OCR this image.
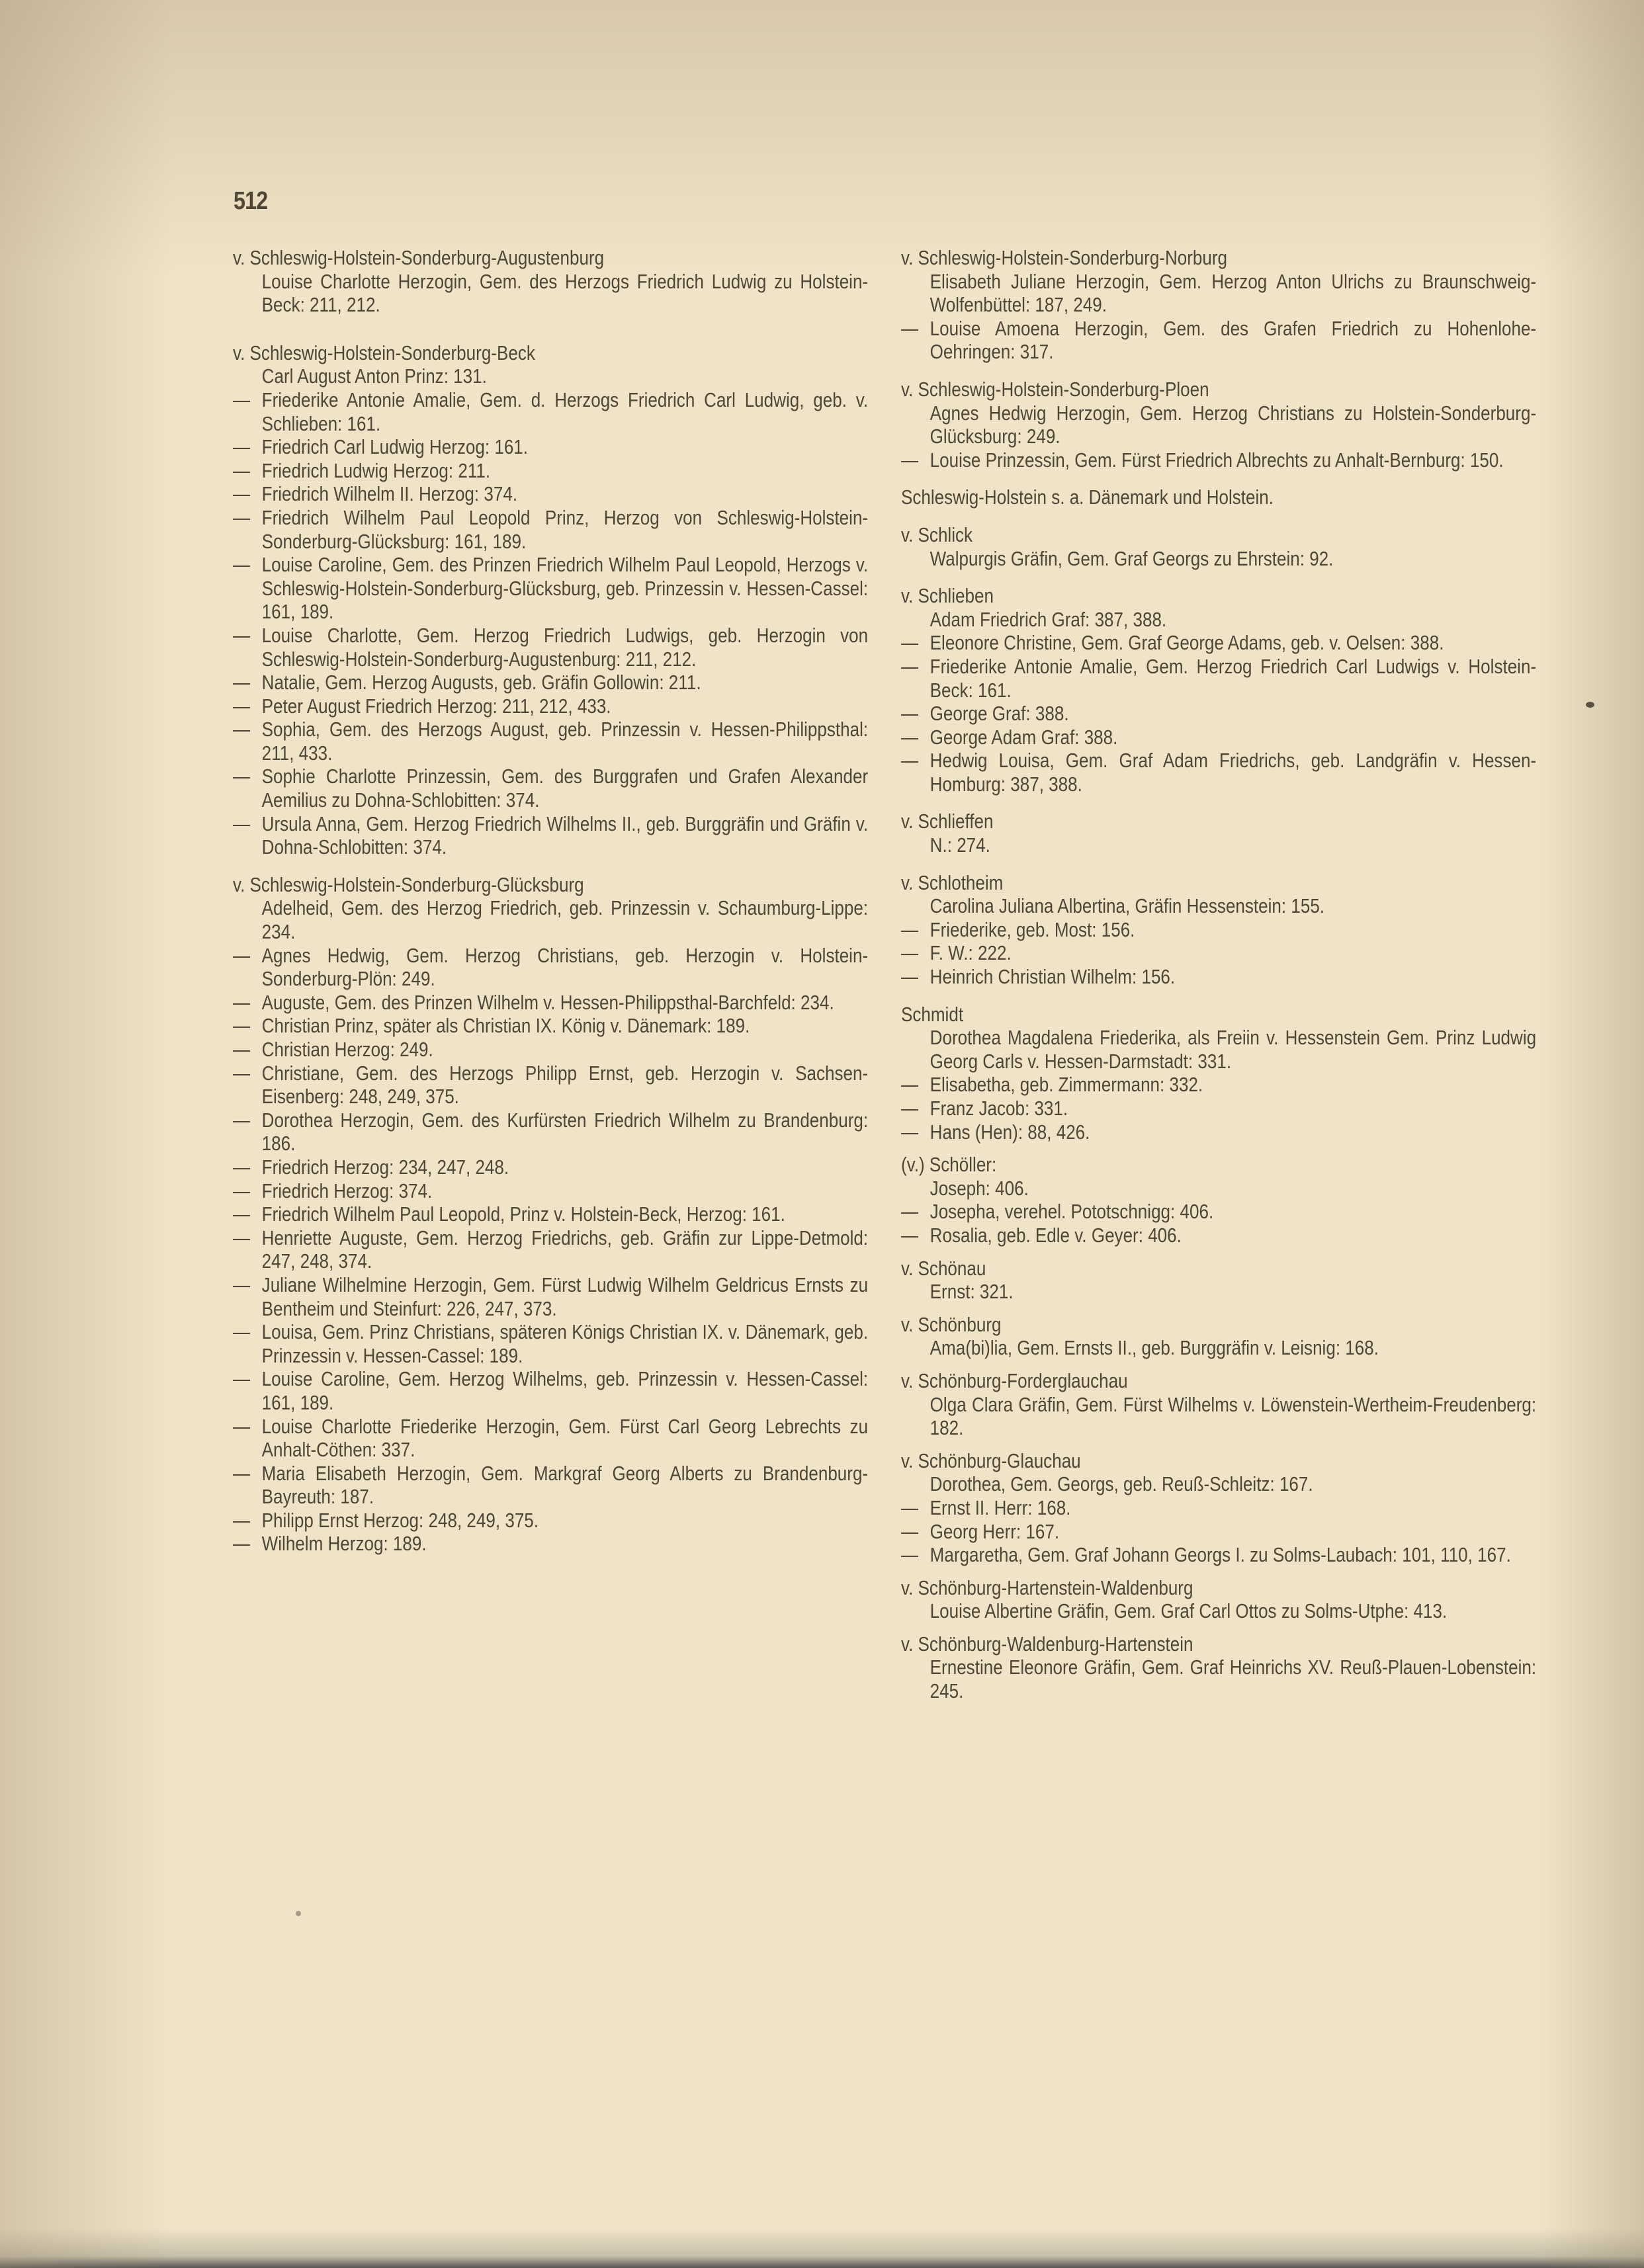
512
v. Schleswig-Holstein-Sonderburg-Augustenburg
Louise Charlotte Herzogin, Gem. des Herzogs Friedrich Ludwig zu Holstein-Beck: 211, 212.
v. Schleswig-Holstein-Sonderburg-Beck
Carl August Anton Prinz: 131.
— Friederike Antonie Amalie, Gem. d. Herzogs Friedrich Carl Ludwig, geb. v. Schlieben: 161.
— Friedrich Carl Ludwig Herzog: 161.
— Friedrich Ludwig Herzog: 211.
— Friedrich Wilhelm II. Herzog: 374.
— Friedrich Wilhelm Paul Leopold Prinz, Herzog von Schleswig-Holstein-Sonderburg-Glücksburg: 161, 189.
— Louise Caroline, Gem. des Prinzen Friedrich Wilhelm Paul Leopold, Herzogs v. Schleswig-Holstein-Sonderburg-Glücksburg, geb. Prinzessin v. Hessen-Cassel: 161, 189.
— Louise Charlotte, Gem. Herzog Friedrich Ludwigs, geb. Herzogin von Schleswig-Holstein-Sonderburg-Augustenburg: 211, 212.
— Natalie, Gem. Herzog Augusts, geb. Gräfin Gollowin: 211.
— Peter August Friedrich Herzog: 211, 212, 433.
— Sophia, Gem. des Herzogs August, geb. Prinzessin v. Hessen-Philippsthal: 211, 433.
— Sophie Charlotte Prinzessin, Gem. des Burggrafen und Grafen Alexander Aemilius zu Dohna-Schlobitten: 374.
— Ursula Anna, Gem. Herzog Friedrich Wilhelms II., geb. Burggräfin und Gräfin v. Dohna-Schlobitten: 374.
v. Schleswig-Holstein-Sonderburg-Glücksburg
Adelheid, Gem. des Herzog Friedrich, geb. Prinzessin v. Schaumburg-Lippe: 234.
— Agnes Hedwig, Gem. Herzog Christians, geb. Herzogin v. Holstein-Sonderburg-Plön: 249.
— Auguste, Gem. des Prinzen Wilhelm v. Hessen-Philippsthal-Barchfeld: 234.
— Christian Prinz, später als Christian IX. König v. Dänemark: 189.
— Christian Herzog: 249.
— Christiane, Gem. des Herzogs Philipp Ernst, geb. Herzogin v. Sachsen-Eisenberg: 248, 249, 375.
— Dorothea Herzogin, Gem. des Kurfürsten Friedrich Wilhelm zu Brandenburg: 186.
— Friedrich Herzog: 234, 247, 248.
— Friedrich Herzog: 374.
— Friedrich Wilhelm Paul Leopold, Prinz v. Holstein-Beck, Herzog: 161.
— Henriette Auguste, Gem. Herzog Friedrichs, geb. Gräfin zur Lippe-Detmold: 247, 248, 374.
— Juliane Wilhelmine Herzogin, Gem. Fürst Ludwig Wilhelm Geldricus Ernsts zu Bentheim und Steinfurt: 226, 247, 373.
— Louisa, Gem. Prinz Christians, späteren Königs Christian IX. v. Dänemark, geb. Prinzessin v. Hessen-Cassel: 189.
— Louise Caroline, Gem. Herzog Wilhelms, geb. Prinzessin v. Hessen-Cassel: 161, 189.
— Louise Charlotte Friederike Herzogin, Gem. Fürst Carl Georg Lebrechts zu Anhalt-Cöthen: 337.
— Maria Elisabeth Herzogin, Gem. Markgraf Georg Alberts zu Brandenburg-Bayreuth: 187.
— Philipp Ernst Herzog: 248, 249, 375.
— Wilhelm Herzog: 189.
v. Schleswig-Holstein-Sonderburg-Norburg
Elisabeth Juliane Herzogin, Gem. Herzog Anton Ulrichs zu Braunschweig-Wolfenbüttel: 187, 249.
— Louise Amoena Herzogin, Gem. des Grafen Friedrich zu Hohenlohe-Oehringen: 317.
v. Schleswig-Holstein-Sonderburg-Ploen
Agnes Hedwig Herzogin, Gem. Herzog Christians zu Holstein-Sonderburg-Glücksburg: 249.
— Louise Prinzessin, Gem. Fürst Friedrich Albrechts zu Anhalt-Bernburg: 150.
Schleswig-Holstein s. a. Dänemark und Holstein.
v. Schlick
Walpurgis Gräfin, Gem. Graf Georgs zu Ehrstein: 92.
v. Schlieben
Adam Friedrich Graf: 387, 388.
— Eleonore Christine, Gem. Graf George Adams, geb. v. Oelsen: 388.
— Friederike Antonie Amalie, Gem. Herzog Friedrich Carl Ludwigs v. Holstein-Beck: 161.
— George Graf: 388.
— George Adam Graf: 388.
— Hedwig Louisa, Gem. Graf Adam Friedrichs, geb. Landgräfin v. Hessen-Homburg: 387, 388.
v. Schlieffen
N.: 274.
v. Schlotheim
Carolina Juliana Albertina, Gräfin Hessenstein: 155.
— Friederike, geb. Most: 156.
— F. W.: 222.
— Heinrich Christian Wilhelm: 156.
Schmidt
Dorothea Magdalena Friederika, als Freiin v. Hessenstein Gem. Prinz Ludwig Georg Carls v. Hessen-Darmstadt: 331.
— Elisabetha, geb. Zimmermann: 332.
— Franz Jacob: 331.
— Hans (Hen): 88, 426.
(v.) Schöller:
Joseph: 406.
— Josepha, verehel. Pototschnigg: 406.
— Rosalia, geb. Edle v. Geyer: 406.
v. Schönau
Ernst: 321.
v. Schönburg
Ama(bi)lia, Gem. Ernsts II., geb. Burggräfin v. Leisnig: 168.
v. Schönburg-Forderglauchau
Olga Clara Gräfin, Gem. Fürst Wilhelms v. Löwenstein-Wertheim-Freudenberg: 182.
v. Schönburg-Glauchau
Dorothea, Gem. Georgs, geb. Reuß-Schleitz: 167.
— Ernst II. Herr: 168.
— Georg Herr: 167.
— Margaretha, Gem. Graf Johann Georgs I. zu Solms-Laubach: 101, 110, 167.
v. Schönburg-Hartenstein-Waldenburg
Louise Albertine Gräfin, Gem. Graf Carl Ottos zu Solms-Utphe: 413.
v. Schönburg-Waldenburg-Hartenstein
Ernestine Eleonore Gräfin, Gem. Graf Heinrichs XV. Reuß-Plauen-Lobenstein: 245.
